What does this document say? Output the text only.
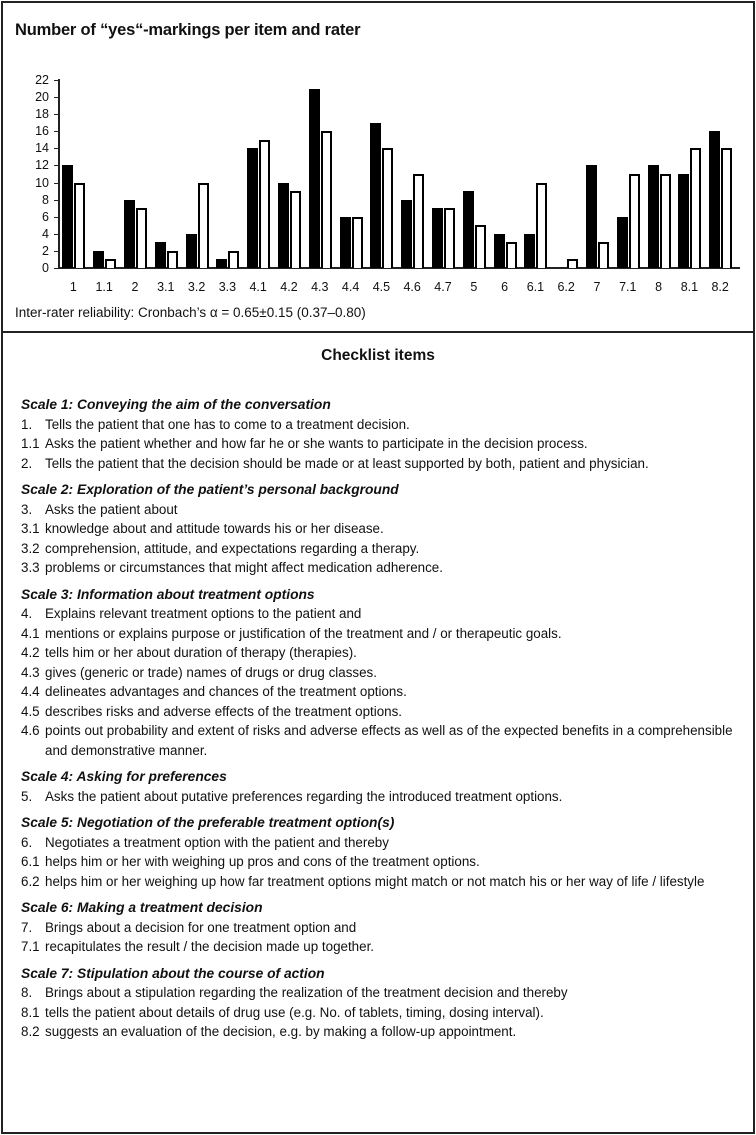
Number of “yes“-markings per item and rater
0
2
4
6
8
10
12
14
16
18
20
22
1	1.1	2	3.1	3.2	3.3	4.1	4.2	4.3	4.4	4.5	4.6	4.7	5	6	6.1	6.2	7	7.1	8	8.1	8.2
Inter-rater reliability: Cronbach’s α = 0.65±0.15 (0.37–0.80)
Checklist items
Scale 1: Conveying the aim of the conversation
1. Tells the patient that one has to come to a treatment decision.
1.1 Asks the patient whether and how far he or she wants to participate in the decision process.
2. Tells the patient that the decision should be made or at least supported by both, patient and physician.
Scale 2: Exploration of the patient’s personal background
3. Asks the patient about
3.1 knowledge about and attitude towards his or her disease.
3.2 comprehension, attitude, and expectations regarding a therapy.
3.3 problems or circumstances that might affect medication adherence.
Scale 3: Information about treatment options
4. Explains relevant treatment options to the patient and
4.1 mentions or explains purpose or justification of the treatment and / or therapeutic goals.
4.2 tells him or her about duration of therapy (therapies).
4.3 gives (generic or trade) names of drugs or drug classes.
4.4 delineates advantages and chances of the treatment options.
4.5 describes risks and adverse effects of the treatment options.
4.6 points out probability and extent of risks and adverse effects as well as of the expected benefits in a comprehensible and demonstrative manner.
Scale 4: Asking for preferences
5. Asks the patient about putative preferences regarding the introduced treatment options.
Scale 5: Negotiation of the preferable treatment option(s)
6. Negotiates a treatment option with the patient and thereby
6.1 helps him or her with weighing up pros and cons of the treatment options.
6.2 helps him or her weighing up how far treatment options might match or not match his or her way of life / lifestyle
Scale 6: Making a treatment decision
7. Brings about a decision for one treatment option and
7.1 recapitulates the result / the decision made up together.
Scale 7: Stipulation about the course of action
8. Brings about a stipulation regarding the realization of the treatment decision and thereby
8.1 tells the patient about details of drug use (e.g. No. of tablets, timing, dosing interval).
8.2 suggests an evaluation of the decision, e.g. by making a follow-up appointment.
